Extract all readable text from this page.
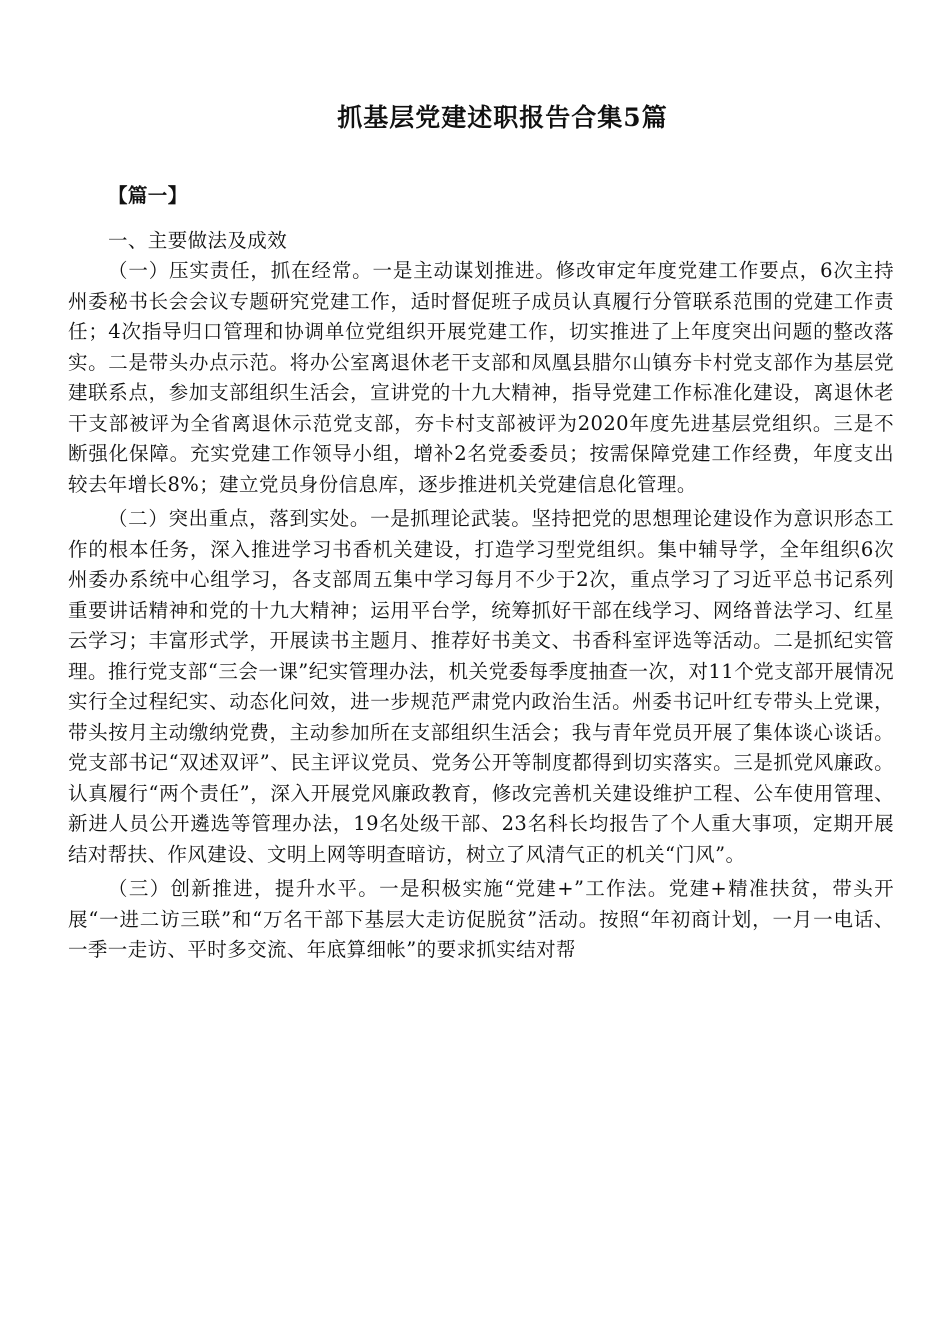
抓基层党建述职报告合集5篇

【篇一】

一、主要做法及成效

（一）压实责任，抓在经常。一是主动谋划推进。修改审定年度党建工作要点，6次主持州委秘书长会会议专题研究党建工作，适时督促班子成员认真履行分管联系范围的党建工作责任；4次指导归口管理和协调单位党组织开展党建工作，切实推进了上年度突出问题的整改落实。二是带头办点示范。将办公室离退休老干支部和凤凰县腊尔山镇夯卡村党支部作为基层党建联系点，参加支部组织生活会，宣讲党的十九大精神，指导党建工作标准化建设，离退休老干支部被评为全省离退休示范党支部，夯卡村支部被评为2020年度先进基层党组织。三是不断强化保障。充实党建工作领导小组，增补2名党委委员；按需保障党建工作经费，年度支出较去年增长8%；建立党员身份信息库，逐步推进机关党建信息化管理。

（二）突出重点，落到实处。一是抓理论武装。坚持把党的思想理论建设作为意识形态工作的根本任务，深入推进学习书香机关建设，打造学习型党组织。集中辅导学，全年组织6次州委办系统中心组学习，各支部周五集中学习每月不少于2次，重点学习了习近平总书记系列重要讲话精神和党的十九大精神；运用平台学，统筹抓好干部在线学习、网络普法学习、红星云学习；丰富形式学，开展读书主题月、推荐好书美文、书香科室评选等活动。二是抓纪实管理。推行党支部“三会一课”纪实管理办法，机关党委每季度抽查一次，对11个党支部开展情况实行全过程纪实、动态化问效，进一步规范严肃党内政治生活。州委书记叶红专带头上党课，带头按月主动缴纳党费，主动参加所在支部组织生活会；我与青年党员开展了集体谈心谈话。党支部书记“双述双评”、民主评议党员、党务公开等制度都得到切实落实。三是抓党风廉政。认真履行“两个责任”，深入开展党风廉政教育，修改完善机关建设维护工程、公车使用管理、新进人员公开遴选等管理办法，19名处级干部、23名科长均报告了个人重大事项，定期开展结对帮扶、作风建设、文明上网等明查暗访，树立了风清气正的机关“门风”。

（三）创新推进，提升水平。一是积极实施“党建+”工作法。党建+精准扶贫，带头开展“一进二访三联”和“万名干部下基层大走访促脱贫”活动。按照“年初商计划，一月一电话、一季一走访、平时多交流、年底算细帐”的要求抓实结对帮
